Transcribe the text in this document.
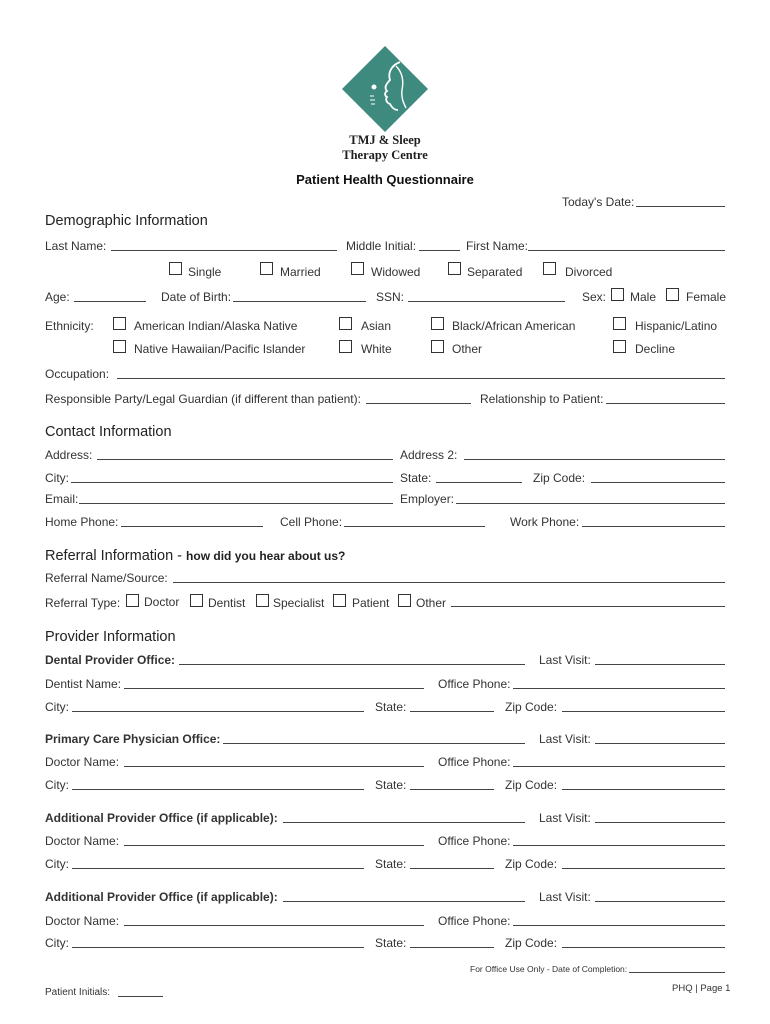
TMJ & Sleep
Therapy Centre
Patient Health Questionnaire
Today's Date:
Demographic Information
Last Name:	Middle Initial:	First Name:
Single	Married	Widowed	Separated	Divorced
Age:	Date of Birth:	SSN:	Sex: Male Female
Ethnicity:	American Indian/Alaska Native	Asian	Black/African American	Hispanic/Latino
Native Hawaiian/Pacific Islander	White	Other	Decline
Occupation:
Responsible Party/Legal Guardian (if different than patient):	Relationship to Patient:
Contact Information
Address:	Address 2:
City:	State:	Zip Code:
Email:	Employer:
Home Phone:	Cell Phone:	Work Phone:
Referral Information - how did you hear about us?
Referral Name/Source:
Referral Type: Doctor Dentist Specialist Patient Other
Provider Information
Dental Provider Office:	Last Visit:
Dentist Name:	Office Phone:
City:	State:	Zip Code:
Primary Care Physician Office:	Last Visit:
Doctor Name:	Office Phone:
City:	State:	Zip Code:
Additional Provider Office (if applicable):	Last Visit:
Doctor Name:	Office Phone:
City:	State:	Zip Code:
Additional Provider Office (if applicable):	Last Visit:
Doctor Name:	Office Phone:
City:	State:	Zip Code:
For Office Use Only - Date of Completion:
Patient Initials:	PHQ | Page 1
